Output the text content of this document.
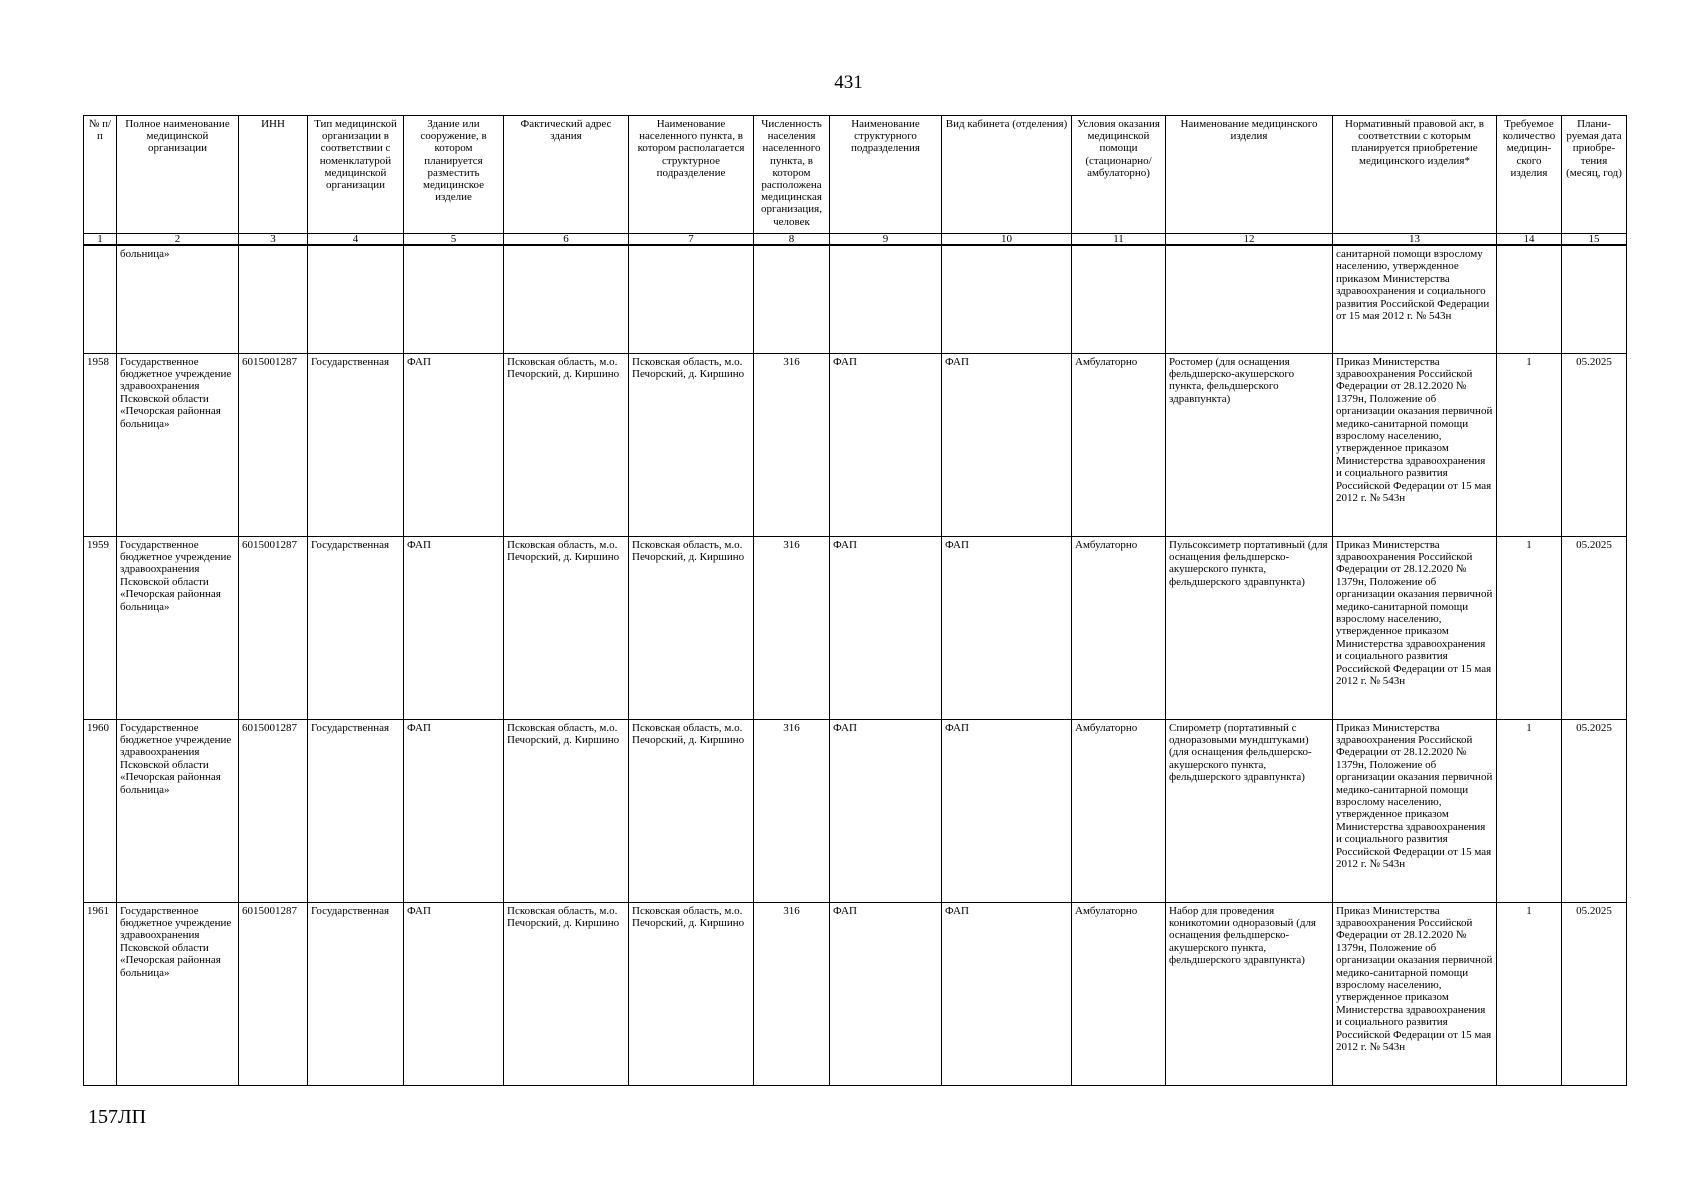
431
№ п/п	Полное наименование медицинской организации	ИНН	Тип медицинской организации в соответствии с номенклатурой медицинской организации	Здание или сооружение, в котором планируется разместить медицинское изделие	Фактический адрес здания	Наименование населенного пункта, в котором располагается структурное подразделение	Численность населения населенного пункта, в котором расположена медицинская организация, человек	Наименование структурного подразделения	Вид кабинета (отделения)	Условия оказания медицинской помощи (стационарно/ амбулаторно)	Наименование медицинского изделия	Нормативный правовой акт, в соответствии с которым планируется приобретение медицинского изделия*	Требуемое количество медицин-ского изделия	Плани-руемая дата приобре-тения (месяц, год)
1	2	3	4	5	6	7	8	9	10	11	12	13	14	15
	больница»											санитарной помощи взрослому населению, утвержденное приказом Министерства здравоохранения и социального развития Российской Федерации от 15 мая 2012 г. № 543н		
1958	Государственное бюджетное учреждение здравоохранения Псковской области «Печорская районная больница»	6015001287	Государственная	ФАП	Псковская область, м.о. Печорский, д. Киршино	Псковская область, м.о. Печорский, д. Киршино	316	ФАП	ФАП	Амбулаторно	Ростомер (для оснащения фельдшерско-акушерского пункта, фельдшерского здравпункта)	Приказ Министерства здравоохранения Российской Федерации от 28.12.2020 № 1379н, Положение об организации оказания первичной медико-санитарной помощи взрослому населению, утвержденное приказом Министерства здравоохранения и социального развития Российской Федерации от 15 мая 2012 г. № 543н	1	05.2025
1959	Государственное бюджетное учреждение здравоохранения Псковской области «Печорская районная больница»	6015001287	Государственная	ФАП	Псковская область, м.о. Печорский, д. Киршино	Псковская область, м.о. Печорский, д. Киршино	316	ФАП	ФАП	Амбулаторно	Пульсоксиметр портативный (для оснащения фельдшерско-акушерского пункта, фельдшерского здравпункта)	Приказ Министерства здравоохранения Российской Федерации от 28.12.2020 № 1379н, Положение об организации оказания первичной медико-санитарной помощи взрослому населению, утвержденное приказом Министерства здравоохранения и социального развития Российской Федерации от 15 мая 2012 г. № 543н	1	05.2025
1960	Государственное бюджетное учреждение здравоохранения Псковской области «Печорская районная больница»	6015001287	Государственная	ФАП	Псковская область, м.о. Печорский, д. Киршино	Псковская область, м.о. Печорский, д. Киршино	316	ФАП	ФАП	Амбулаторно	Спирометр (портативный с одноразовыми мундштуками) (для оснащения фельдшерско-акушерского пункта, фельдшерского здравпункта)	Приказ Министерства здравоохранения Российской Федерации от 28.12.2020 № 1379н, Положение об организации оказания первичной медико-санитарной помощи взрослому населению, утвержденное приказом Министерства здравоохранения и социального развития Российской Федерации от 15 мая 2012 г. № 543н	1	05.2025
1961	Государственное бюджетное учреждение здравоохранения Псковской области «Печорская районная больница»	6015001287	Государственная	ФАП	Псковская область, м.о. Печорский, д. Киршино	Псковская область, м.о. Печорский, д. Киршино	316	ФАП	ФАП	Амбулаторно	Набор для проведения коникотомии одноразовый (для оснащения фельдшерско-акушерского пункта, фельдшерского здравпункта)	Приказ Министерства здравоохранения Российской Федерации от 28.12.2020 № 1379н, Положение об организации оказания первичной медико-санитарной помощи взрослому населению, утвержденное приказом Министерства здравоохранения и социального развития Российской Федерации от 15 мая 2012 г. № 543н	1	05.2025
157ЛП
